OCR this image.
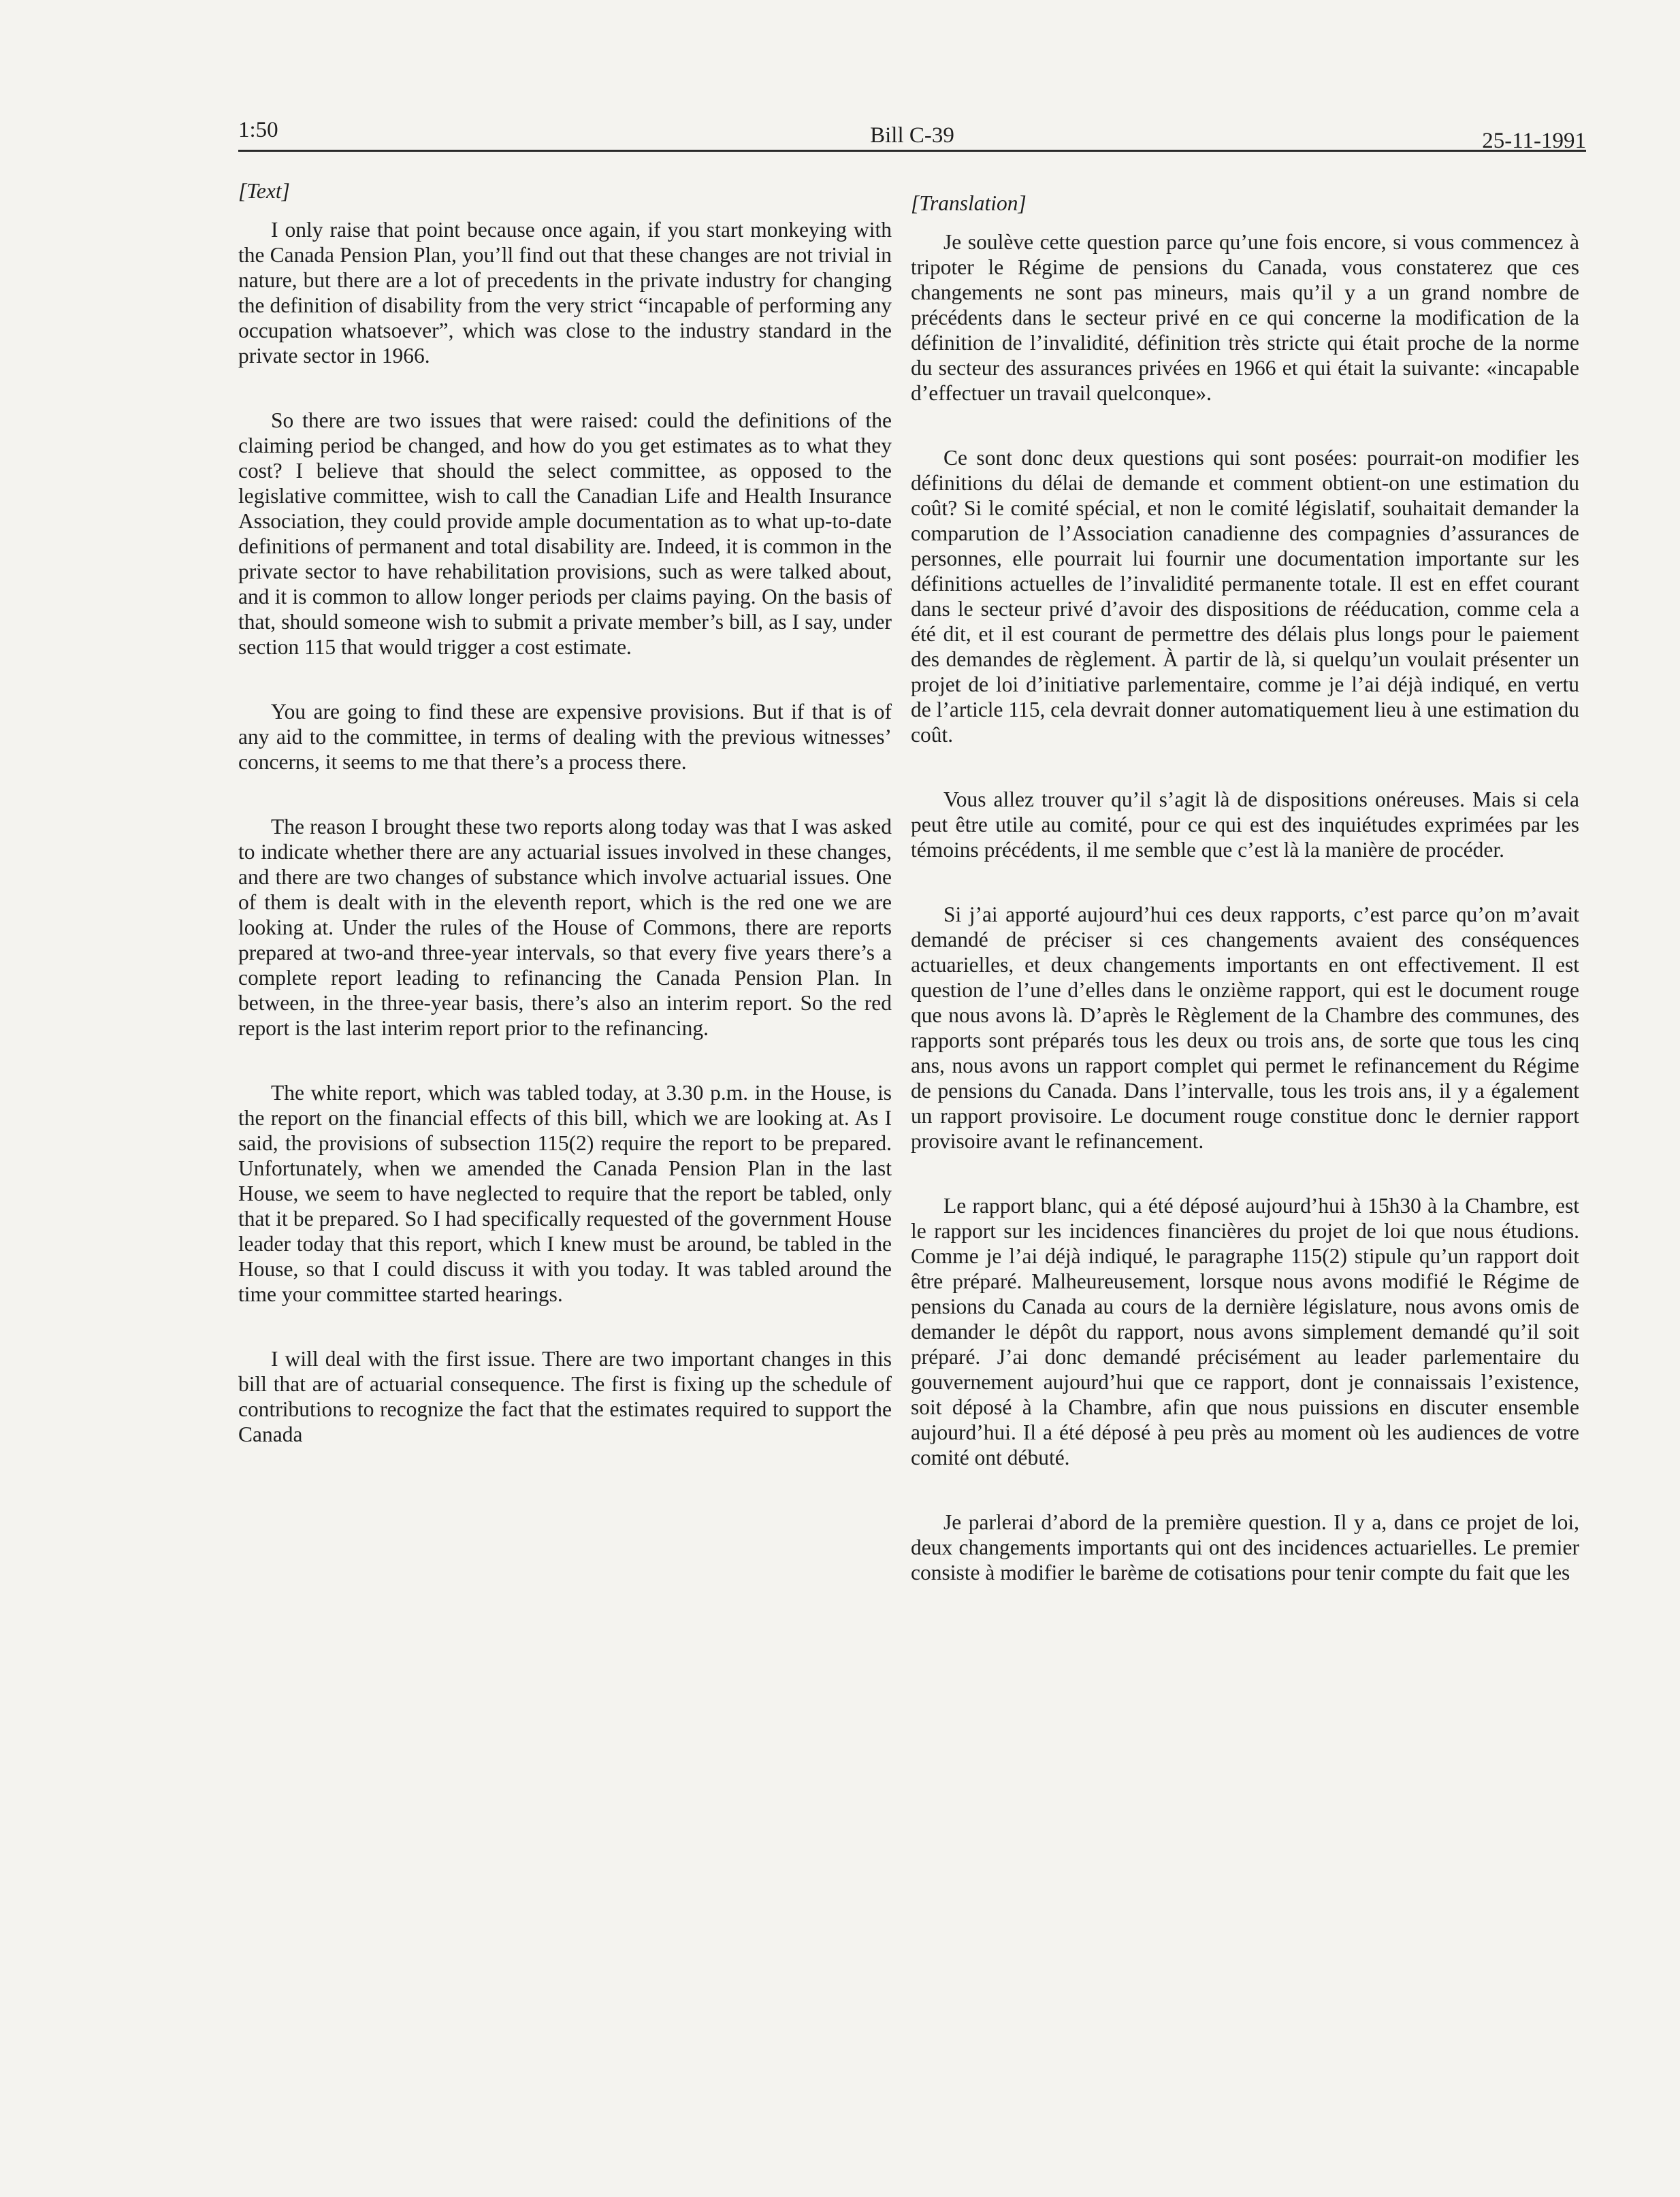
1:50	Bill C-39	25-11-1991
[Text]

I only raise that point because once again, if you start monkeying with the Canada Pension Plan, you’ll find out that these changes are not trivial in nature, but there are a lot of precedents in the private industry for changing the definition of disability from the very strict “incapable of performing any occupation whatsoever”, which was close to the industry standard in the private sector in 1966.

So there are two issues that were raised: could the definitions of the claiming period be changed, and how do you get estimates as to what they cost? I believe that should the select committee, as opposed to the legislative committee, wish to call the Canadian Life and Health Insurance Association, they could provide ample documentation as to what up-to-date definitions of permanent and total disability are. Indeed, it is common in the private sector to have rehabilitation provisions, such as were talked about, and it is common to allow longer periods per claims paying. On the basis of that, should someone wish to submit a private member’s bill, as I say, under section 115 that would trigger a cost estimate.

You are going to find these are expensive provisions. But if that is of any aid to the committee, in terms of dealing with the previous witnesses’ concerns, it seems to me that there’s a process there.

The reason I brought these two reports along today was that I was asked to indicate whether there are any actuarial issues involved in these changes, and there are two changes of substance which involve actuarial issues. One of them is dealt with in the eleventh report, which is the red one we are looking at. Under the rules of the House of Commons, there are reports prepared at two-and three-year intervals, so that every five years there’s a complete report leading to refinancing the Canada Pension Plan. In between, in the three-year basis, there’s also an interim report. So the red report is the last interim report prior to the refinancing.

The white report, which was tabled today, at 3.30 p.m. in the House, is the report on the financial effects of this bill, which we are looking at. As I said, the provisions of subsection 115(2) require the report to be prepared. Unfortunately, when we amended the Canada Pension Plan in the last House, we seem to have neglected to require that the report be tabled, only that it be prepared. So I had specifically requested of the government House leader today that this report, which I knew must be around, be tabled in the House, so that I could discuss it with you today. It was tabled around the time your committee started hearings.

I will deal with the first issue. There are two important changes in this bill that are of actuarial consequence. The first is fixing up the schedule of contributions to recognize the fact that the estimates required to support the Canada

[Translation]

Je soulève cette question parce qu’une fois encore, si vous commencez à tripoter le Régime de pensions du Canada, vous constaterez que ces changements ne sont pas mineurs, mais qu’il y a un grand nombre de précédents dans le secteur privé en ce qui concerne la modification de la définition de l’invalidité, définition très stricte qui était proche de la norme du secteur des assurances privées en 1966 et qui était la suivante: «incapable d’effectuer un travail quelconque».

Ce sont donc deux questions qui sont posées: pourrait-on modifier les définitions du délai de demande et comment obtient-on une estimation du coût? Si le comité spécial, et non le comité législatif, souhaitait demander la comparution de l’Association canadienne des compagnies d’assurances de personnes, elle pourrait lui fournir une documentation importante sur les définitions actuelles de l’invalidité permanente totale. Il est en effet courant dans le secteur privé d’avoir des dispositions de rééducation, comme cela a été dit, et il est courant de permettre des délais plus longs pour le paiement des demandes de règlement. À partir de là, si quelqu’un voulait présenter un projet de loi d’initiative parlementaire, comme je l’ai déjà indiqué, en vertu de l’article 115, cela devrait donner automatiquement lieu à une estimation du coût.

Vous allez trouver qu’il s’agit là de dispositions onéreuses. Mais si cela peut être utile au comité, pour ce qui est des inquiétudes exprimées par les témoins précédents, il me semble que c’est là la manière de procéder.

Si j’ai apporté aujourd’hui ces deux rapports, c’est parce qu’on m’avait demandé de préciser si ces changements avaient des conséquences actuarielles, et deux changements importants en ont effectivement. Il est question de l’une d’elles dans le onzième rapport, qui est le document rouge que nous avons là. D’après le Règlement de la Chambre des communes, des rapports sont préparés tous les deux ou trois ans, de sorte que tous les cinq ans, nous avons un rapport complet qui permet le refinancement du Régime de pensions du Canada. Dans l’intervalle, tous les trois ans, il y a également un rapport provisoire. Le document rouge constitue donc le dernier rapport provisoire avant le refinancement.

Le rapport blanc, qui a été déposé aujourd’hui à 15h30 à la Chambre, est le rapport sur les incidences financières du projet de loi que nous étudions. Comme je l’ai déjà indiqué, le paragraphe 115(2) stipule qu’un rapport doit être préparé. Malheureusement, lorsque nous avons modifié le Régime de pensions du Canada au cours de la dernière législature, nous avons omis de demander le dépôt du rapport, nous avons simplement demandé qu’il soit préparé. J’ai donc demandé précisément au leader parlementaire du gouvernement aujourd’hui que ce rapport, dont je connaissais l’existence, soit déposé à la Chambre, afin que nous puissions en discuter ensemble aujourd’hui. Il a été déposé à peu près au moment où les audiences de votre comité ont débuté.

Je parlerai d’abord de la première question. Il y a, dans ce projet de loi, deux changements importants qui ont des incidences actuarielles. Le premier consiste à modifier le barème de cotisations pour tenir compte du fait que les
